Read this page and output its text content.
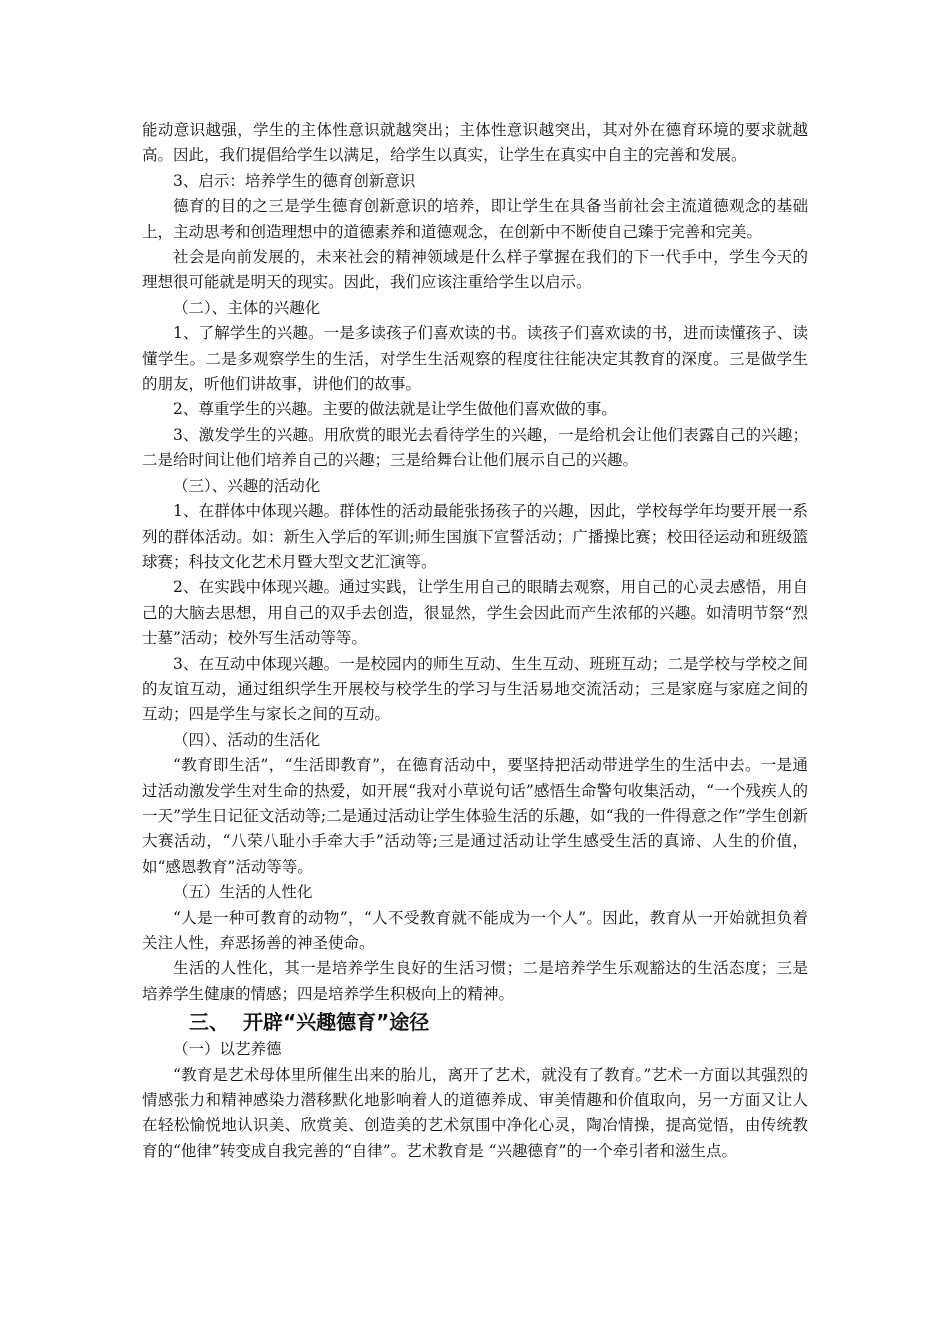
能动意识越强，学生的主体性意识就越突出；主体性意识越突出，其对外在德育环境的要求就越高。因此，我们提倡给学生以满足，给学生以真实，让学生在真实中自主的完善和发展。

3、启示：培养学生的德育创新意识

德育的目的之三是学生德育创新意识的培养，即让学生在具备当前社会主流道德观念的基础上，主动思考和创造理想中的道德素养和道德观念，在创新中不断使自己臻于完善和完美。

社会是向前发展的，未来社会的精神领域是什么样子掌握在我们的下一代手中，学生今天的理想很可能就是明天的现实。因此，我们应该注重给学生以启示。

（二）、主体的兴趣化

1、了解学生的兴趣。一是多读孩子们喜欢读的书。读孩子们喜欢读的书，进而读懂孩子、读懂学生。二是多观察学生的生活，对学生生活观察的程度往往能决定其教育的深度。三是做学生的朋友，听他们讲故事，讲他们的故事。

2、尊重学生的兴趣。主要的做法就是让学生做他们喜欢做的事。

3、激发学生的兴趣。用欣赏的眼光去看待学生的兴趣，一是给机会让他们表露自己的兴趣；二是给时间让他们培养自己的兴趣；三是给舞台让他们展示自己的兴趣。

（三）、兴趣的活动化

1、在群体中体现兴趣。群体性的活动最能张扬孩子的兴趣，因此，学校每学年均要开展一系列的群体活动。如：新生入学后的军训;师生国旗下宣誓活动；广播操比赛；校田径运动和班级篮球赛；科技文化艺术月暨大型文艺汇演等。

2、在实践中体现兴趣。通过实践，让学生用自己的眼睛去观察，用自己的心灵去感悟，用自己的大脑去思想，用自己的双手去创造，很显然，学生会因此而产生浓郁的兴趣。如清明节祭“烈士墓”活动；校外写生活动等等。

3、在互动中体现兴趣。一是校园内的师生互动、生生互动、班班互动；二是学校与学校之间的友谊互动，通过组织学生开展校与校学生的学习与生活易地交流活动；三是家庭与家庭之间的互动；四是学生与家长之间的互动。

（四）、活动的生活化

“教育即生活”，“生活即教育”，在德育活动中，要坚持把活动带进学生的生活中去。一是通过活动激发学生对生命的热爱，如开展“我对小草说句话”感悟生命警句收集活动，“一个残疾人的一天”学生日记征文活动等;二是通过活动让学生体验生活的乐趣，如“我的一件得意之作”学生创新大赛活动，“八荣八耻小手牵大手”活动等;三是通过活动让学生感受生活的真谛、人生的价值，如“感恩教育”活动等等。

（五）生活的人性化

“人是一种可教育的动物”，“人不受教育就不能成为一个人”。因此，教育从一开始就担负着关注人性，弃恶扬善的神圣使命。

生活的人性化，其一是培养学生良好的生活习惯；二是培养学生乐观豁达的生活态度；三是培养学生健康的情感；四是培养学生积极向上的精神。

三、 开辟“兴趣德育”途径

（一）以艺养德

“教育是艺术母体里所催生出来的胎儿，离开了艺术，就没有了教育。”艺术一方面以其强烈的情感张力和精神感染力潜移默化地影响着人的道德养成、审美情趣和价值取向，另一方面又让人在轻松愉悦地认识美、欣赏美、创造美的艺术氛围中净化心灵，陶冶情操，提高觉悟，由传统教育的“他律”转变成自我完善的“自律”。艺术教育是 “兴趣德育”的一个牵引者和滋生点。
